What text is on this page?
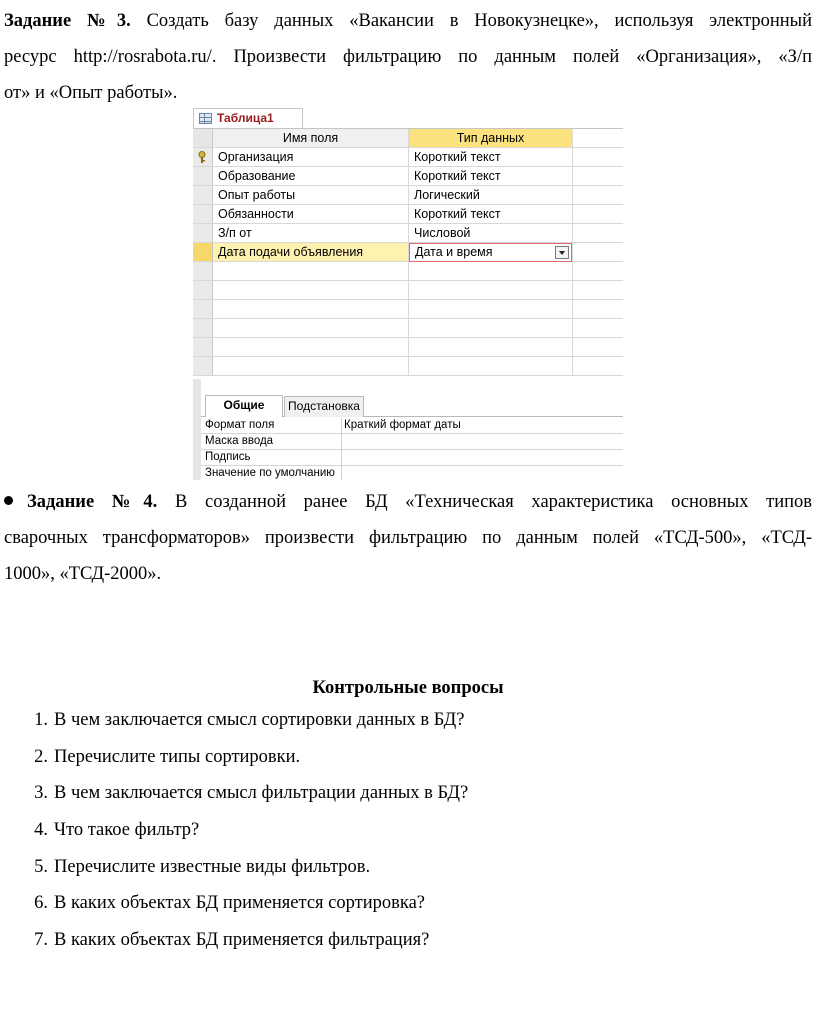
Задание №3. Создать базу данных «Вакансии в Новокузнецке», используя электронный
ресурс http://rosrabota.ru/. Произвести фильтрацию по данным полей «Организация», «З/п
от» и «Опыт работы».
Таблица1
Имя поля	Тип данных
Организация	Короткий текст
Образование	Короткий текст
Опыт работы	Логический
Обязанности	Короткий текст
З/п от	Числовой
Дата подачи объявления	Дата и время
Общие	Подстановка
Формат поля	Краткий формат даты
Маска ввода
Подпись
Значение по умолчанию
Задание №4. В созданной ранее БД «Техническая характеристика основных типов
сварочных трансформаторов» произвести фильтрацию по данным полей «ТСД-500», «ТСД-
1000», «ТСД-2000».
Контрольные вопросы
1. В чем заключается смысл сортировки данных в БД?
2. Перечислите типы сортировки.
3. В чем заключается смысл фильтрации данных в БД?
4. Что такое фильтр?
5. Перечислите известные виды фильтров.
6. В каких объектах БД применяется сортировка?
7. В каких объектах БД применяется фильтрация?
